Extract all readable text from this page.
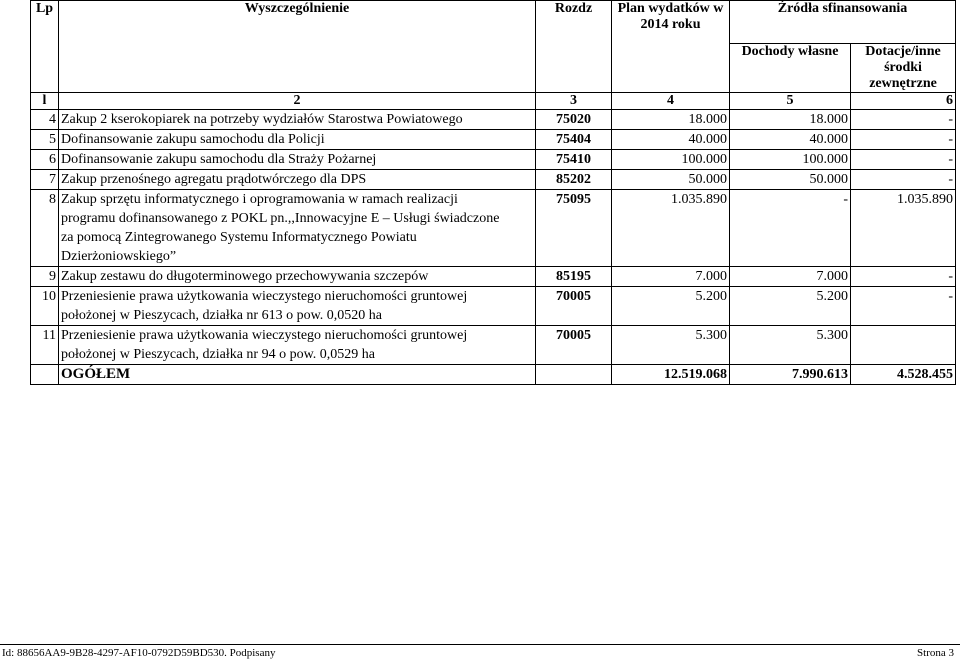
Lp	Wyszczególnienie	Rozdz	Plan wydatków w 2014 roku	Źródła sfinansowania	
				Dochody własne	Dotacje/inne środki zewnętrzne
l	2	3	4	5	6
4	Zakup 2 kserokopiarek na potrzeby wydziałów Starostwa Powiatowego	75020	18.000	18.000	-
5	Dofinansowanie zakupu samochodu dla Policji	75404	40.000	40.000	-
6	Dofinansowanie zakupu samochodu dla Straży Pożarnej	75410	100.000	100.000	-
7	Zakup przenośnego agregatu prądotwórczego dla DPS	85202	50.000	50.000	-
8	Zakup sprzętu informatycznego i oprogramowania w ramach realizacji programu dofinansowanego z POKL pn.,,Innowacyjne E – Usługi świadczone za pomocą Zintegrowanego Systemu Informatycznego Powiatu Dzierżoniowskiego”	75095	1.035.890	-	1.035.890
9	Zakup zestawu do długoterminowego przechowywania szczepów	85195	7.000	7.000	-
10	Przeniesienie prawa użytkowania wieczystego nieruchomości gruntowej położonej w Pieszycach, działka nr 613 o pow. 0,0520 ha	70005	5.200	5.200	-
11	Przeniesienie prawa użytkowania wieczystego nieruchomości gruntowej położonej w Pieszycach, działka nr 94 o pow. 0,0529 ha	70005	5.300	5.300	
	OGÓŁEM		12.519.068	7.990.613	4.528.455
Id: 88656AA9-9B28-4297-AF10-0792D59BD530. Podpisany	Strona 3
